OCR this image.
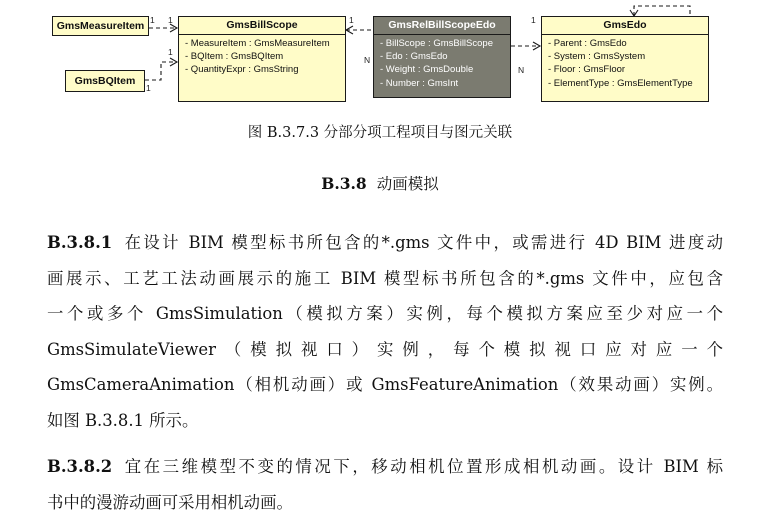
1 1
1
1
1
N
1
N
GmsMeasureItem
GmsBQItem
GmsBillScope
- MeasureItem : GmsMeasureItem
- BQItem : GmsBQItem
- QuantityExpr : GmsString
GmsRelBillScopeEdo
- BillScope : GmsBillScope
- Edo : GmsEdo
- Weight : GmsDouble
- Number : GmsInt
GmsEdo
- Parent : GmsEdo
- System : GmsSystem
- Floor : GmsFloor
- ElementType : GmsElementType
图 B.3.7.3 分部分项工程项目与图元关联
B.3.8 动画模拟
B.3.8.1 在设计 BIM 模型标书所包含的*.gms 文件中，或需进行 4D BIM 进度动
画展示、工艺工法动画展示的施工 BIM 模型标书所包含的*.gms 文件中，应包含
一个或多个 GmsSimulation（模拟方案）实例，每个模拟方案应至少对应一个
GmsSimulateViewer（模拟视口）实例，每个模拟视口应对应一个
GmsCameraAnimation（相机动画）或 GmsFeatureAnimation（效果动画）实例。
如图 B.3.8.1 所示。
B.3.8.2 宜在三维模型不变的情况下，移动相机位置形成相机动画。设计 BIM 标
书中的漫游动画可采用相机动画。
